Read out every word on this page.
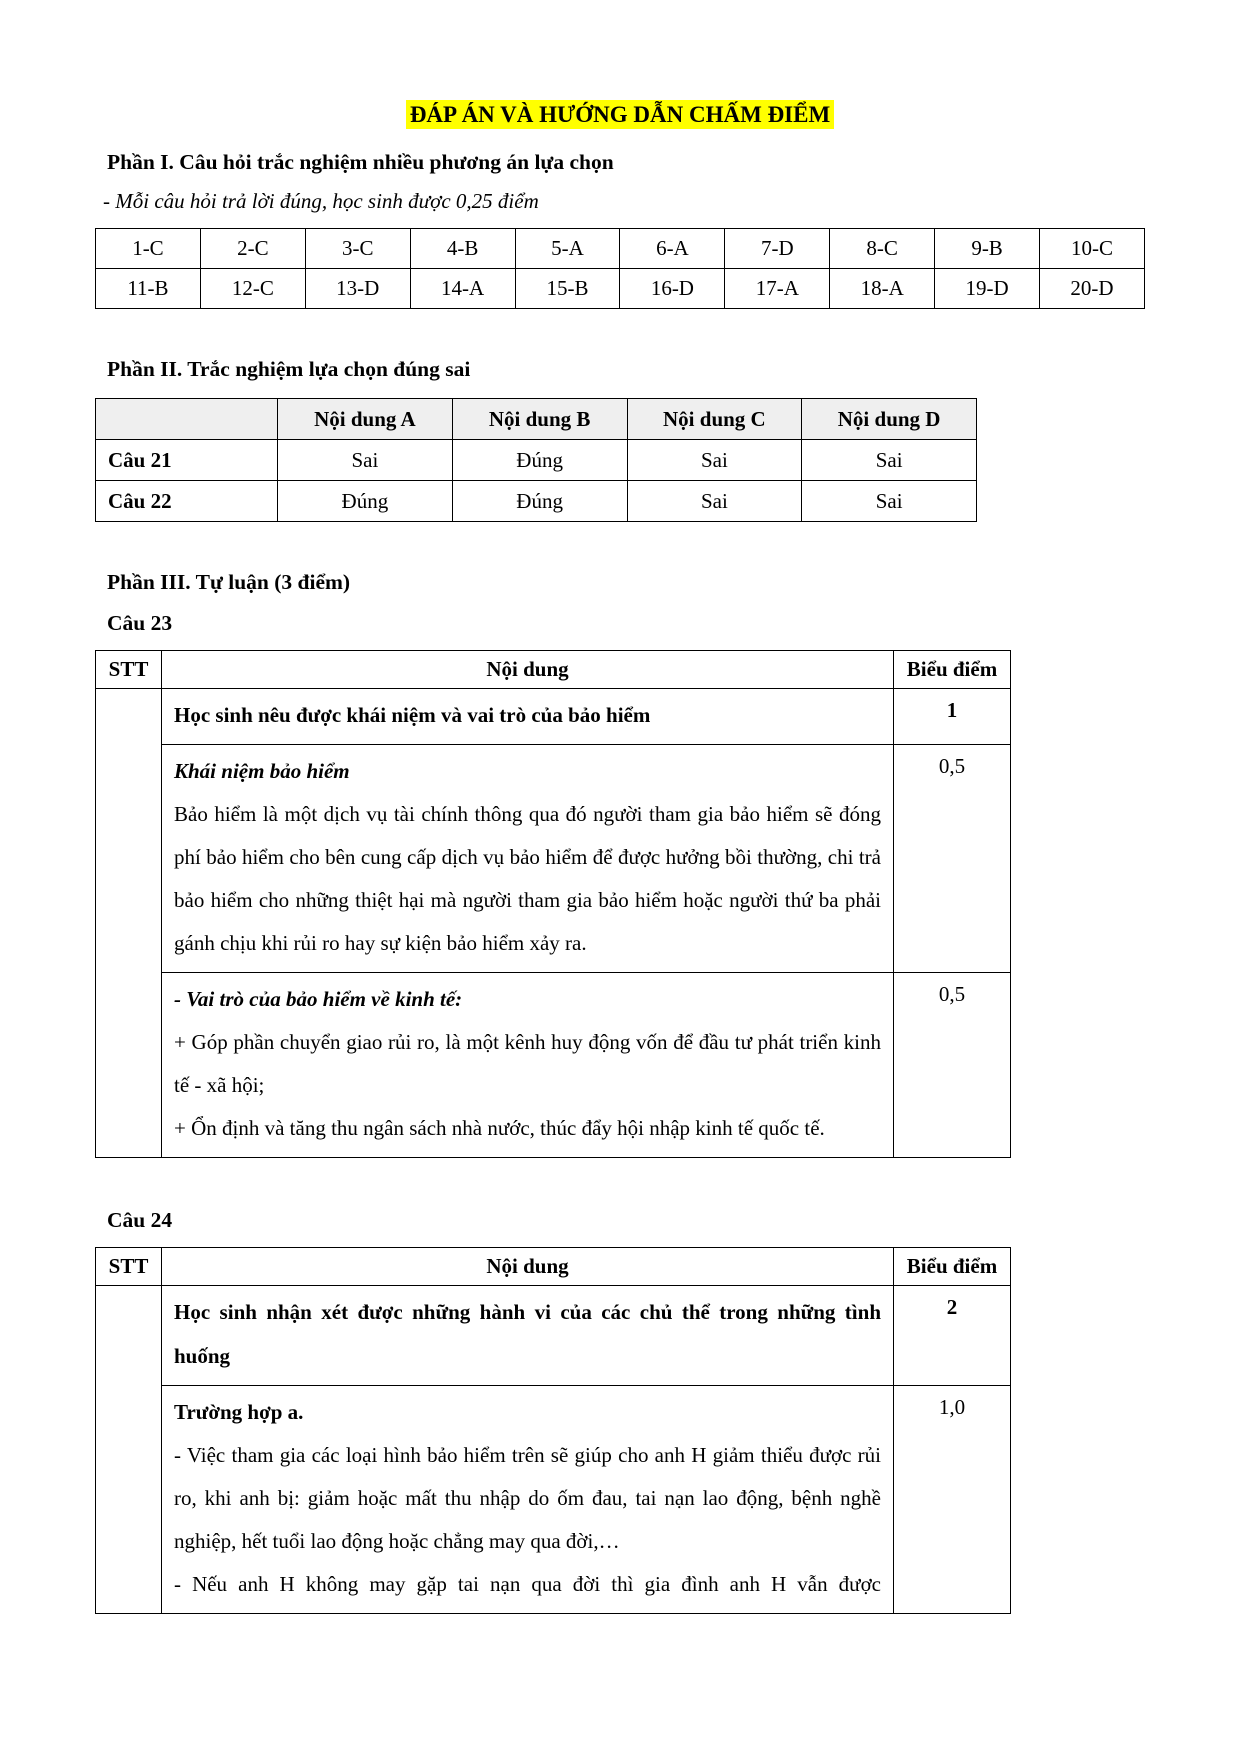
ĐÁP ÁN VÀ HƯỚNG DẪN CHẤM ĐIỂM
Phần I. Câu hỏi trắc nghiệm nhiều phương án lựa chọn
- Mỗi câu hỏi trả lời đúng, học sinh được 0,25 điểm
1-C	2-C	3-C	4-B	5-A	6-A	7-D	8-C	9-B	10-C
11-B	12-C	13-D	14-A	15-B	16-D	17-A	18-A	19-D	20-D
Phần II. Trắc nghiệm lựa chọn đúng sai
	Nội dung A	Nội dung B	Nội dung C	Nội dung D
Câu 21	Sai	Đúng	Sai	Sai
Câu 22	Đúng	Đúng	Sai	Sai
Phần III. Tự luận (3 điểm)
Câu 23
STT	Nội dung	Biểu điểm
	Học sinh nêu được khái niệm và vai trò của bảo hiểm	1

	Khái niệm bảo hiểm
Bảo hiểm là một dịch vụ tài chính thông qua đó người tham gia bảo hiểm sẽ đóng phí bảo hiểm cho bên cung cấp dịch vụ bảo hiểm để được hưởng bồi thường, chi trả bảo hiểm cho những thiệt hại mà người tham gia bảo hiểm hoặc người thứ ba phải gánh chịu khi rủi ro hay sự kiện bảo hiểm xảy ra.	0,5

	- Vai trò của bảo hiểm về kinh tế:
+ Góp phần chuyển giao rủi ro, là một kênh huy động vốn để đầu tư phát triển kinh tế - xã hội;
+ Ổn định và tăng thu ngân sách nhà nước, thúc đẩy hội nhập kinh tế quốc tế.	0,5
Câu 24
STT	Nội dung	Biểu điểm
	Học sinh nhận xét được những hành vi của các chủ thể trong những tình huống	2

	Trường hợp a.
- Việc tham gia các loại hình bảo hiểm trên sẽ giúp cho anh H giảm thiểu được rủi ro, khi anh bị: giảm hoặc mất thu nhập do ốm đau, tai nạn lao động, bệnh nghề nghiệp, hết tuổi lao động hoặc chẳng may qua đời,…
- Nếu anh H không may gặp tai nạn qua đời thì gia đình anh H vẫn được	1,0
